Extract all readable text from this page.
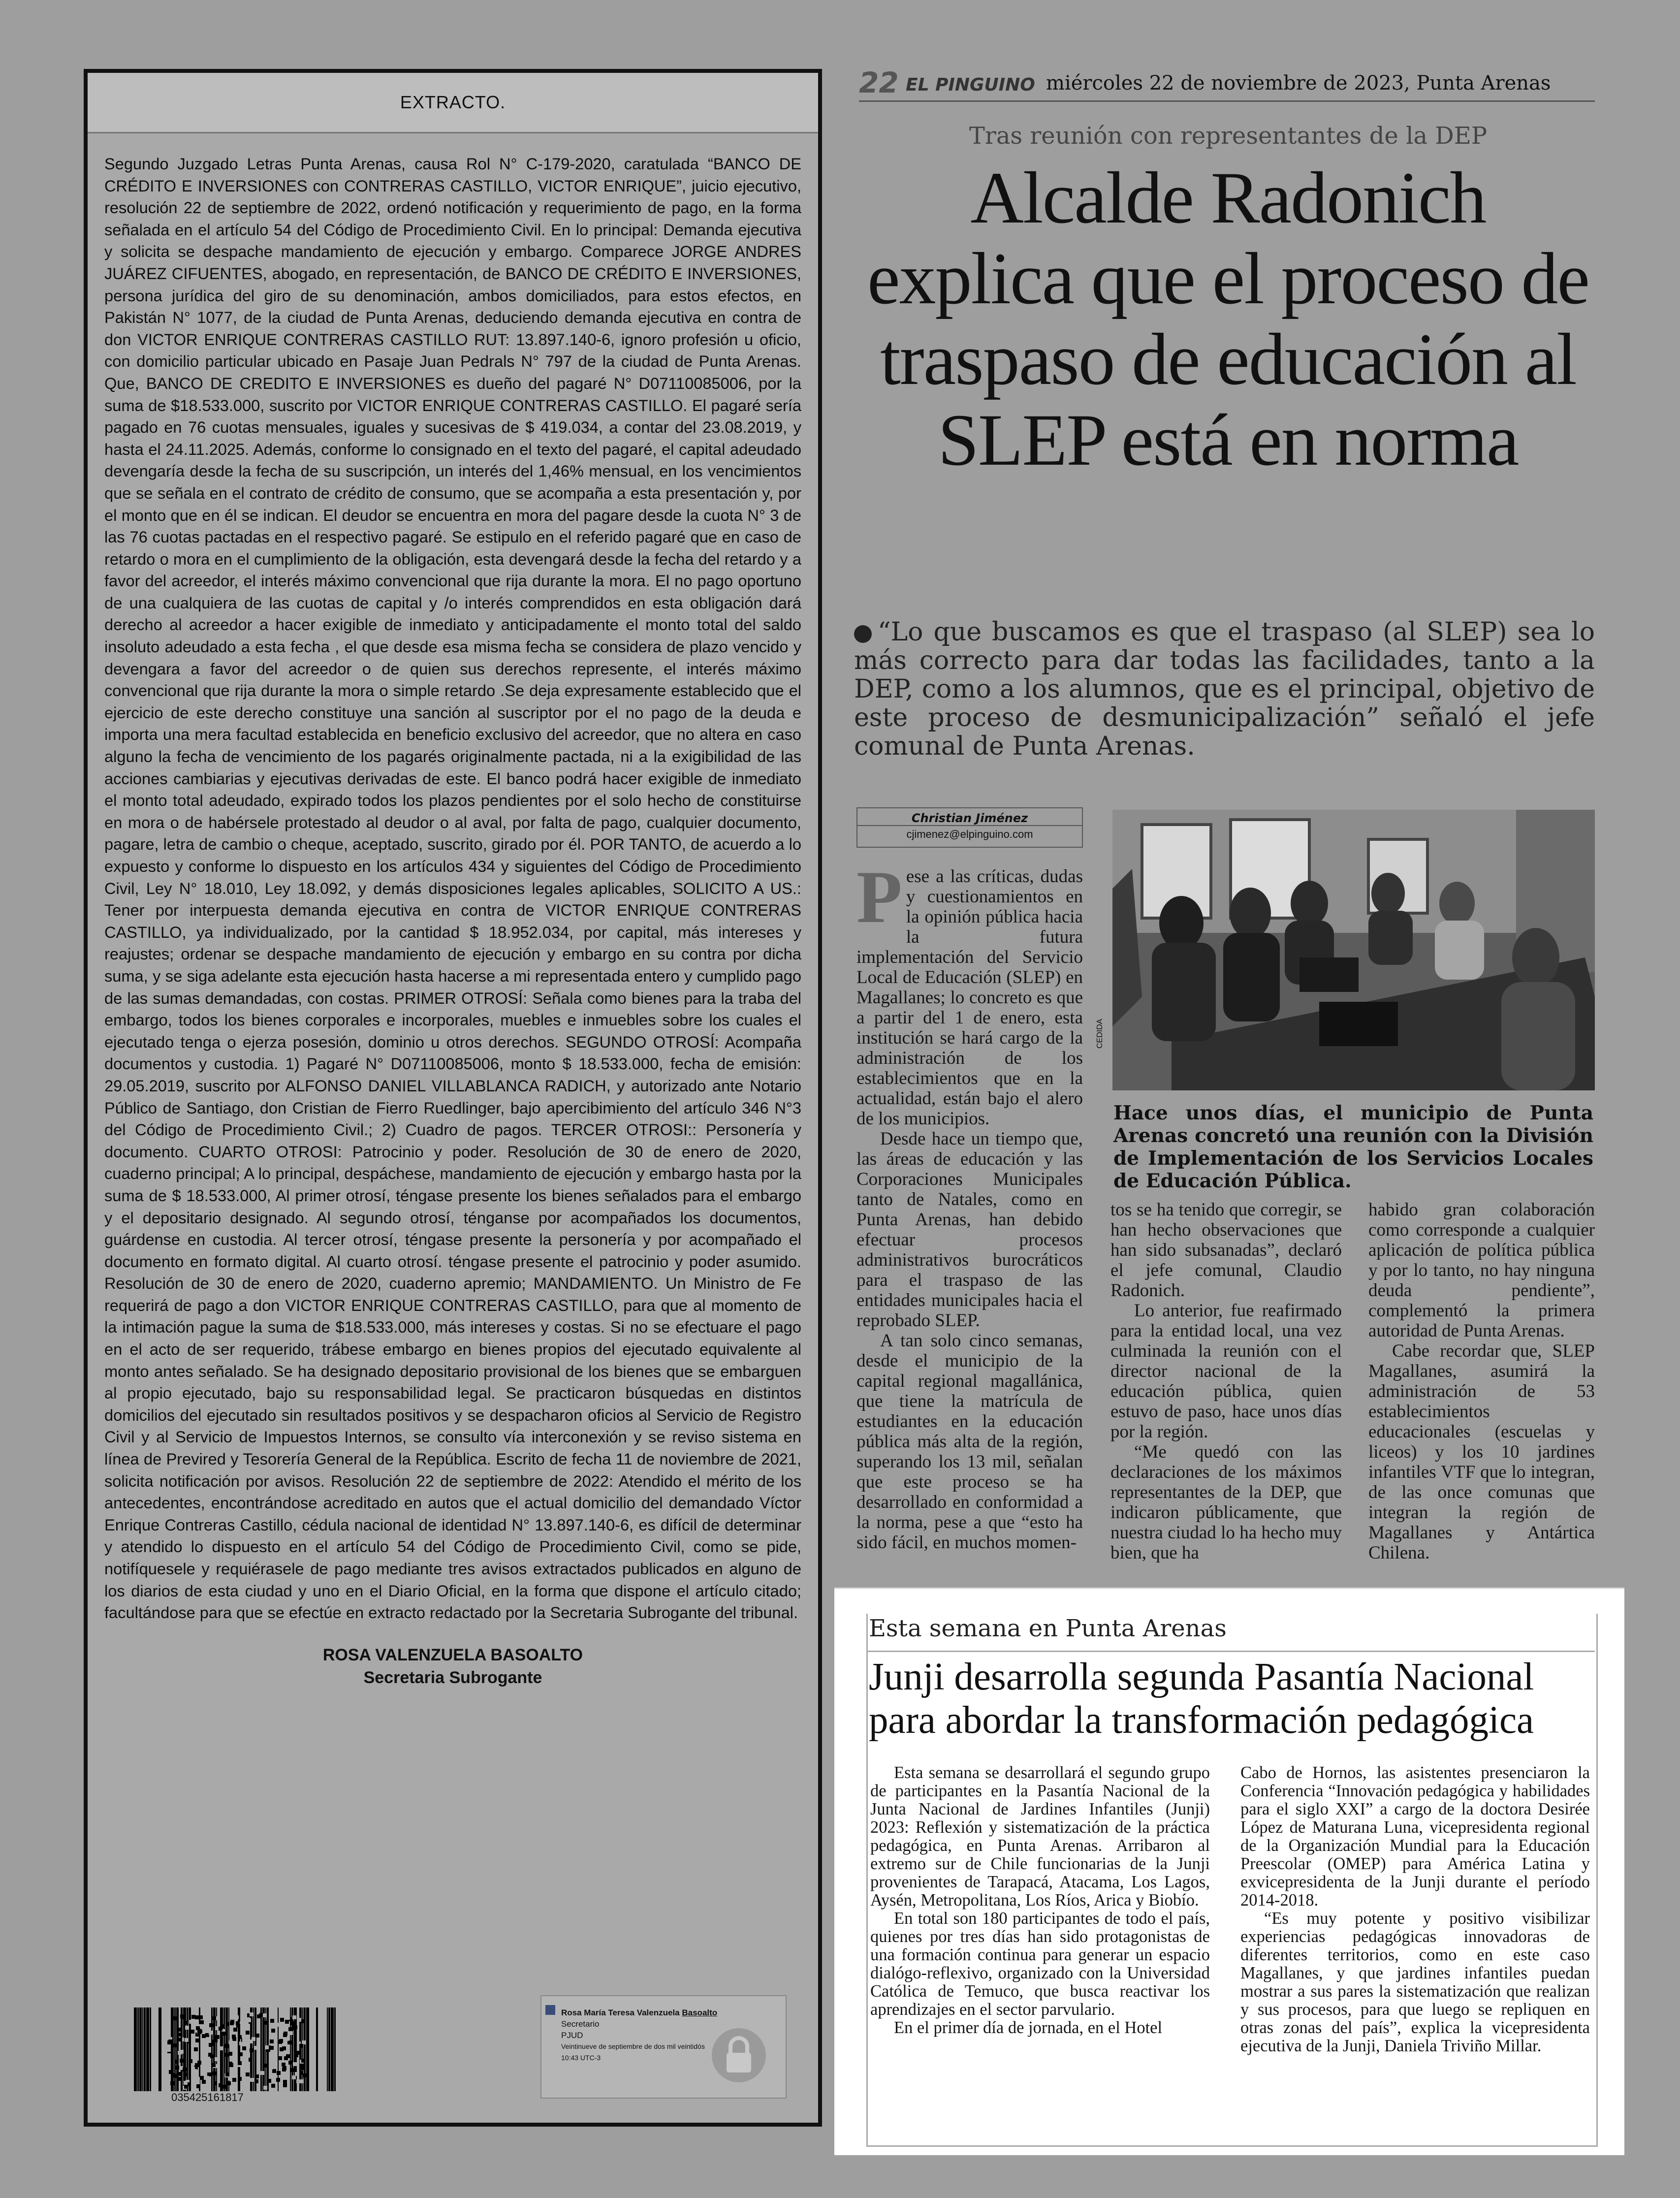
EXTRACTO.
Segundo Juzgado Letras Punta Arenas, causa Rol N° C-179-2020, caratulada “BANCO DE CRÉDITO E INVERSIONES con CONTRERAS CASTILLO, VICTOR ENRIQUE”, juicio ejecutivo, resolución 22 de septiembre de 2022, ordenó notificación y requerimiento de pago, en la forma señalada en el artículo 54 del Código de Procedimiento Civil. En lo principal: Demanda ejecutiva y solicita se despache mandamiento de ejecución y embargo. Comparece JORGE ANDRES JUÁREZ CIFUENTES, abogado, en representación, de BANCO DE CRÉDITO E INVERSIONES, persona jurídica del giro de su denominación, ambos domiciliados, para estos efectos, en Pakistán N° 1077, de la ciudad de Punta Arenas, deduciendo demanda ejecutiva en contra de don VICTOR ENRIQUE CONTRERAS CASTILLO RUT: 13.897.140-6, ignoro profesión u oficio, con domicilio particular ubicado en Pasaje Juan Pedrals N° 797 de la ciudad de Punta Arenas. Que, BANCO DE CREDITO E INVERSIONES es dueño del pagaré N° D07110085006, por la suma de $18.533.000, suscrito por VICTOR ENRIQUE CONTRERAS CASTILLO. El pagaré sería pagado en 76 cuotas mensuales, iguales y sucesivas de $ 419.034, a contar del 23.08.2019, y hasta el 24.11.2025. Además, conforme lo consignado en el texto del pagaré, el capital adeudado devengaría desde la fecha de su suscripción, un interés del 1,46% mensual, en los vencimientos que se señala en el contrato de crédito de consumo, que se acompaña a esta presentación y, por el monto que en él se indican. El deudor se encuentra en mora del pagare desde la cuota N° 3 de las 76 cuotas pactadas en el respectivo pagaré. Se estipulo en el referido pagaré que en caso de retardo o mora en el cumplimiento de la obligación, esta devengará desde la fecha del retardo y a favor del acreedor, el interés máximo convencional que rija durante la mora. El no pago oportuno de una cualquiera de las cuotas de capital y /o interés comprendidos en esta obligación dará derecho al acreedor a hacer exigible de inmediato y anticipadamente el monto total del saldo insoluto adeudado a esta fecha , el que desde esa misma fecha se considera de plazo vencido y devengara a favor del acreedor o de quien sus derechos represente, el interés máximo convencional que rija durante la mora o simple retardo .Se deja expresamente establecido que el ejercicio de este derecho constituye una sanción al suscriptor por el no pago de la deuda e importa una mera facultad establecida en beneficio exclusivo del acreedor, que no altera en caso alguno la fecha de vencimiento de los pagarés originalmente pactada, ni a la exigibilidad de las acciones cambiarias y ejecutivas derivadas de este. El banco podrá hacer exigible de inmediato el monto total adeudado, expirado todos los plazos pendientes por el solo hecho de constituirse en mora o de habérsele protestado al deudor o al aval, por falta de pago, cualquier documento, pagare, letra de cambio o cheque, aceptado, suscrito, girado por él. POR TANTO, de acuerdo a lo expuesto y conforme lo dispuesto en los artículos 434 y siguientes del Código de Procedimiento Civil, Ley N° 18.010, Ley 18.092, y demás disposiciones legales aplicables, SOLICITO A US.: Tener por interpuesta demanda ejecutiva en contra de VICTOR ENRIQUE CONTRERAS CASTILLO, ya individualizado, por la cantidad $ 18.952.034, por capital, más intereses y reajustes; ordenar se despache mandamiento de ejecución y embargo en su contra por dicha suma, y se siga adelante esta ejecución hasta hacerse a mi representada entero y cumplido pago de las sumas demandadas, con costas. PRIMER OTROSÍ: Señala como bienes para la traba del embargo, todos los bienes corporales e incorporales, muebles e inmuebles sobre los cuales el ejecutado tenga o ejerza posesión, dominio u otros derechos. SEGUNDO OTROSÍ: Acompaña documentos y custodia. 1) Pagaré N° D07110085006, monto $ 18.533.000, fecha de emisión: 29.05.2019, suscrito por ALFONSO DANIEL VILLABLANCA RADICH, y autorizado ante Notario Público de Santiago, don Cristian de Fierro Ruedlinger, bajo apercibimiento del artículo 346 N°3 del Código de Procedimiento Civil.; 2) Cuadro de pagos. TERCER OTROSI:: Personería y documento. CUARTO OTROSI: Patrocinio y poder. Resolución de 30 de enero de 2020, cuaderno principal; A lo principal, despáchese, mandamiento de ejecución y embargo hasta por la suma de $ 18.533.000, Al primer otrosí, téngase presente los bienes señalados para el embargo y el depositario designado. Al segundo otrosí, ténganse por acompañados los documentos, guárdense en custodia. Al tercer otrosí, téngase presente la personería y por acompañado el documento en formato digital. Al cuarto otrosí. téngase presente el patrocinio y poder asumido. Resolución de 30 de enero de 2020, cuaderno apremio; MANDAMIENTO. Un Ministro de Fe requerirá de pago a don VICTOR ENRIQUE CONTRERAS CASTILLO, para que al momento de la intimación pague la suma de $18.533.000, más intereses y costas. Si no se efectuare el pago en el acto de ser requerido, trábese embargo en bienes propios del ejecutado equivalente al monto antes señalado. Se ha designado depositario provisional de los bienes que se embarguen al propio ejecutado, bajo su responsabilidad legal. Se practicaron búsquedas en distintos domicilios del ejecutado sin resultados positivos y se despacharon oficios al Servicio de Registro Civil y al Servicio de Impuestos Internos, se consulto vía interconexión y se reviso sistema en línea de Previred y Tesorería General de la República. Escrito de fecha 11 de noviembre de 2021, solicita notificación por avisos. Resolución 22 de septiembre de 2022: Atendido el mérito de los antecedentes, encontrándose acreditado en autos que el actual domicilio del demandado Víctor Enrique Contreras Castillo, cédula nacional de identidad N° 13.897.140-6, es difícil de determinar y atendido lo dispuesto en el artículo 54 del Código de Procedimiento Civil, como se pide, notifíquesele y requiérasele de pago mediante tres avisos extractados publicados en alguno de los diarios de esta ciudad y uno en el Diario Oficial, en la forma que dispone el artículo citado; facultándose para que se efectúe en extracto redactado por la Secretaria Subrogante del tribunal.
ROSA VALENZUELA BASOALTO
Secretaria Subrogante
035425161817
Rosa María Teresa Valenzuela Basoalto
Secretario
PJUD
Veintinueve de septiembre de dos mil veintidós
10:43 UTC-3
22 EL PINGUINO miércoles 22 de noviembre de 2023, Punta Arenas
Tras reunión con representantes de la DEP
Alcalde Radonich explica que el proceso de traspaso de educación al SLEP está en norma
“Lo que buscamos es que el traspaso (al SLEP) sea lo más correcto para dar todas las facilidades, tanto a la DEP, como a los alumnos, que es el principal, objetivo de este proceso de desmunicipalización” señaló el jefe comunal de Punta Arenas.
Christian Jiménez
cjimenez@elpinguino.com
P ese a las críticas, dudas y cuestionamientos en la opinión pública hacia la futura implementación del Servicio Local de Educación (SLEP) en Magallanes; lo concreto es que a partir del 1 de enero, esta institución se hará cargo de la administración de los establecimientos que en la actualidad, están bajo el alero de los municipios.

Desde hace un tiempo que, las áreas de educación y las Corporaciones Municipales tanto de Natales, como en Punta Arenas, han debido efectuar procesos administrativos burocráticos para el traspaso de las entidades municipales hacia el reprobado SLEP.

A tan solo cinco semanas, desde el municipio de la capital regional magallánica, que tiene la matrícula de estudiantes en la educación pública más alta de la región, superando los 13 mil, señalan que este proceso se ha desarrollado en conformidad a la norma, pese a que “esto ha sido fácil, en muchos momen-

tos se ha tenido que corregir, se han hecho observaciones que han sido subsanadas”, declaró el jefe comunal, Claudio Radonich.

Lo anterior, fue reafirmado para la entidad local, una vez culminada la reunión con el director nacional de la educación pública, quien estuvo de paso, hace unos días por la región.

“Me quedó con las declaraciones de los máximos representantes de la DEP, que indicaron públicamente, que nuestra ciudad lo ha hecho muy bien, que ha

habido gran colaboración como corresponde a cualquier aplicación de política pública y por lo tanto, no hay ninguna deuda pendiente”, complementó la primera autoridad de Punta Arenas.

Cabe recordar que, SLEP Magallanes, asumirá la administración de 53 establecimientos educacionales (escuelas y liceos) y los 10 jardines infantiles VTF que lo integran, de las once comunas que integran la región de Magallanes y Antártica Chilena.

CEDIDA
Hace unos días, el municipio de Punta Arenas concretó una reunión con la División de Implementación de los Servicios Locales de Educación Pública.
Esta semana en Punta Arenas
Junji desarrolla segunda Pasantía Nacional para abordar la transformación pedagógica

Esta semana se desarrollará el segundo grupo de participantes en la Pasantía Nacional de la Junta Nacional de Jardines Infantiles (Junji) 2023: Reflexión y sistematización de la práctica pedagógica, en Punta Arenas. Arribaron al extremo sur de Chile funcionarias de la Junji provenientes de Tarapacá, Atacama, Los Lagos, Aysén, Metropolitana, Los Ríos, Arica y Biobío.

En total son 180 participantes de todo el país, quienes por tres días han sido protagonistas de una formación continua para generar un espacio dialógo-reflexivo, organizado con la Universidad Católica de Temuco, que busca reactivar los aprendizajes en el sector parvulario.

En el primer día de jornada, en el Hotel

Cabo de Hornos, las asistentes presenciaron la Conferencia “Innovación pedagógica y habilidades para el siglo XXI” a cargo de la doctora Desirée López de Maturana Luna, vicepresidenta regional de la Organización Mundial para la Educación Preescolar (OMEP) para América Latina y exvicepresidenta de la Junji durante el período 2014-2018.

“Es muy potente y positivo visibilizar experiencias pedagógicas innovadoras de diferentes territorios, como en este caso Magallanes, y que jardines infantiles puedan mostrar a sus pares la sistematización que realizan y sus procesos, para que luego se repliquen en otras zonas del país”, explica la vicepresidenta ejecutiva de la Junji, Daniela Triviño Millar.
